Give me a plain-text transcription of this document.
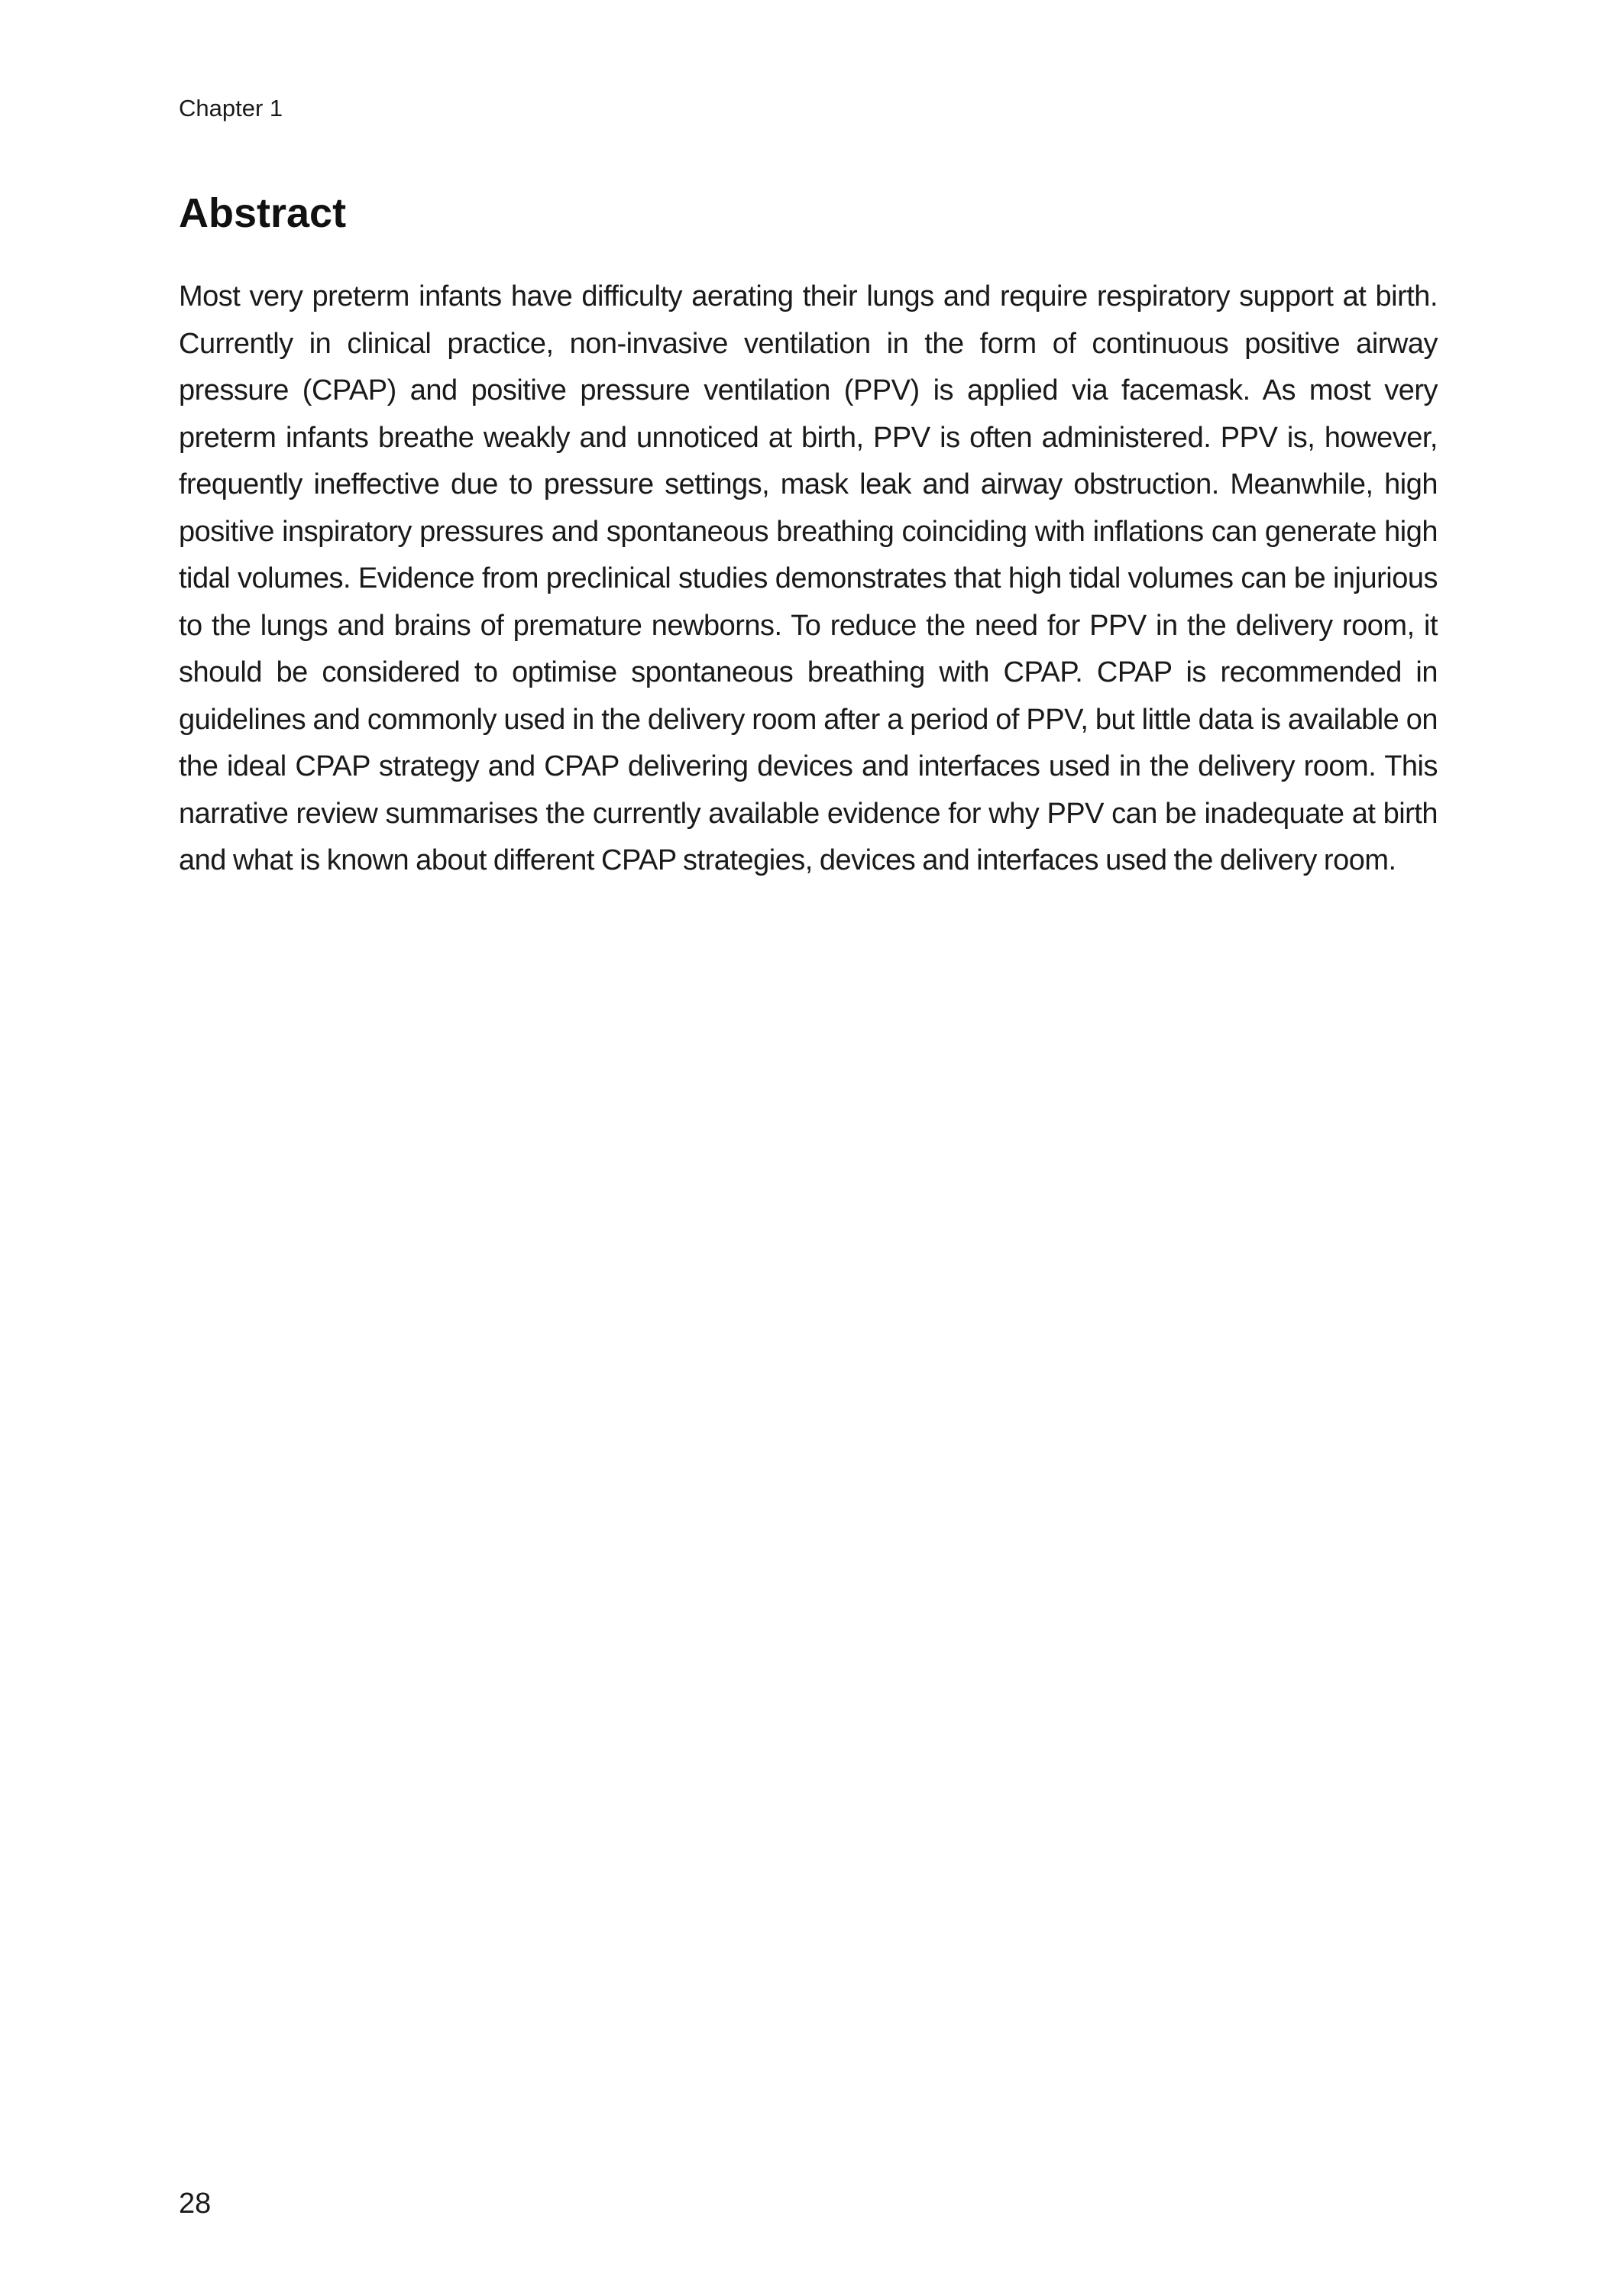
Chapter 1
Abstract

Most very preterm infants have difficulty aerating their lungs and require respiratory support at birth. Currently in clinical practice, non-invasive ventilation in the form of continuous positive airway pressure (CPAP) and positive pressure ventilation (PPV) is applied via facemask. As most very preterm infants breathe weakly and unnoticed at birth, PPV is often administered. PPV is, however, frequently ineffective due to pressure settings, mask leak and airway obstruction. Meanwhile, high positive inspiratory pressures and spontaneous breathing coinciding with inflations can generate high tidal volumes. Evidence from preclinical studies demonstrates that high tidal volumes can be injurious to the lungs and brains of premature newborns. To reduce the need for PPV in the delivery room, it should be considered to optimise spontaneous breathing with CPAP. CPAP is recommended in guidelines and commonly used in the delivery room after a period of PPV, but little data is available on the ideal CPAP strategy and CPAP delivering devices and interfaces used in the delivery room. This narrative review summarises the currently available evidence for why PPV can be inadequate at birth and what is known about different CPAP strategies, devices and interfaces used the delivery room.

28
